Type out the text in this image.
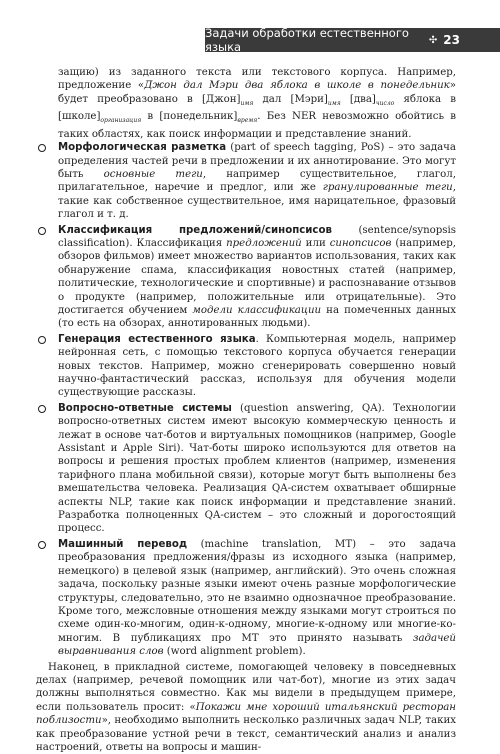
Задачи обработки естественного языка	✣ 23

защию) из заданного текста или текстового корпуса. Например, предложение «Джон дал Мэри два яблока в школе в понедельник» будет преобразовано в $[Джон]_{имя}$ дал $[Мэри]_{имя}$ $[два]_{число}$ яблока в $[школе]_{организация}$ в $[понедельник]_{время}$. Без NER невозможно обойтись в таких областях, как поиск информации и представление знаний.

Морфологическая разметка (part of speech tagging, PoS) – это задача определения частей речи в предложении и их аннотирование. Это могут быть основные теги, например существительное, глагол, прилагательное, наречие и предлог, или же гранулированные теги, такие как собственное существительное, имя нарицательное, фразовый глагол и т. д.
Классификация предложений/синопсисов (sentence/synopsis classification). Классификация предложений или синопсисов (например, обзоров фильмов) имеет множество вариантов использования, таких как обнаружение спама, классификация новостных статей (например, политические, технологические и спортивные) и распознавание отзывов о продукте (например, положительные или отрицательные). Это достигается обучением модели классификации на помеченных данных (то есть на обзорах, аннотированных людьми).
Генерация естественного языка. Компьютерная модель, например нейронная сеть, с помощью текстового корпуса обучается генерации новых текстов. Например, можно сгенерировать совершенно новый научно-фантастический рассказ, используя для обучения модели существующие рассказы.
Вопросно-ответные системы (question answering, QA). Технологии вопросно-ответных систем имеют высокую коммерческую ценность и лежат в основе чат-ботов и виртуальных помощников (например, Google Assistant и Apple Siri). Чат-боты широко используются для ответов на вопросы и решения простых проблем клиентов (например, изменения тарифного плана мобильной связи), которые могут быть выполнены без вмешательства человека. Реализация QA-систем охватывает обширные аспекты NLP, такие как поиск информации и представление знаний. Разработка полноценных QA-систем – это сложный и дорогостоящий процесс.
Машинный перевод (machine translation, MT) – это задача преобразования предложения/фразы из исходного языка (например, немецкого) в целевой язык (например, английский). Это очень сложная задача, поскольку разные языки имеют очень разные морфологические структуры, следовательно, это не взаимно однозначное преобразование. Кроме того, межсловные отношения между языками могут строиться по схеме один-ко-многим, один-к-одному, многие-к-одному или многие-ко-многим. В публикациях про MT это принято называть задачей выравнивания слов (word alignment problem).

Наконец, в прикладной системе, помогающей человеку в повседневных делах (например, речевой помощник или чат-бот), многие из этих задач должны выполняться совместно. Как мы видели в предыдущем примере, если пользователь просит: «Покажи мне хороший итальянский ресторан поблизости», необходимо выполнить несколько различных задач NLP, таких как преобразование устной речи в текст, семантический анализ и анализ настроений, ответы на вопросы и машин-
